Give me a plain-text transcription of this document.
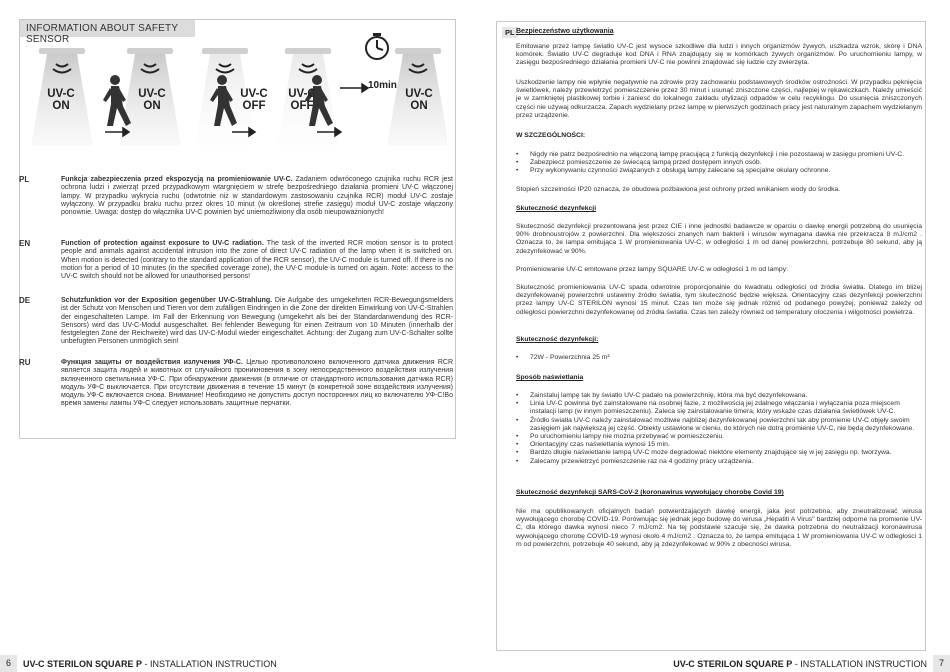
INFORMATION ABOUT SAFETY SENSOR
UV-C
ON
UV-C
ON
UV-C
OFF
UV-C
OFF
UV-C
ON
10min
PL	Funkcja zabezpieczenia przed ekspozycją na promieniowanie UV-C. Zadaniem odwróconego czujnika ruchu RCR jest ochrona ludzi i zwierząt przed przypadkowym wtargnięciem w strefę bezpośredniego działania promieni UV-C włączonej lampy. W przypadku wykrycia ruchu (odwrotnie niż w standardowym zastosowaniu czujnika RCR) moduł UV-C zostaje wyłączony. W przypadku braku ruchu przez okres 10 minut (w określonej strefie zasięgu) moduł UV-C zostaje włączony ponownie. Uwaga: dostęp do włącznika UV-C powinien być uniemożliwiony dla osób nieupoważnionych!
EN	Function of protection against exposure to UV-C radiation. The task of the inverted RCR motion sensor is to protect people and animals against accidental intrusion into the zone of direct UV-C radiation of the lamp when it is switched on. When motion is detected (contrary to the standard application of the RCR sensor), the UV-C module is turned off. If there is no motion for a period of 10 minutes (in the specified coverage zone), the UV-C module is turned on again. Note: access to the UV-C switch should not be allowed for unauthorised persons!
DE	Schutzfunktion vor der Exposition gegenüber UV-C-Strahlung. Die Aufgabe des umgekehrten RCR-Bewegungsmelders ist der Schutz von Menschen und Tieren vor dem zufälligen Eindringen in die Zone der direkten Einwirkung von UV-C-Strahlen der eingeschalteten Lampe. Im Fall der Erkennung von Bewegung (umgekehrt als bei der Standardanwendung des RCR-Sensors) wird das UV-C-Modul ausgeschaltet. Bei fehlender Bewegung für einen Zeitraum von 10 Minuten (innerhalb der festgelegten Zone der Reichweite) wird das UV-C-Modul wieder eingeschaltet. Achtung: der Zugang zum UV-C-Schalter sollte unbefugten Personen unmöglich sein!
RU	Функция защиты от воздействия излучения УФ-С. Целью противоположно включенного датчика движения RCR является защита людей и животных от случайного проникновения в зону непосредственного воздействия излучения включенного светильника УФ-С. При обнаружении движения (в отличие от стандартного использования датчика RCR) модуль УФ-С выключается. При отсутствии движения в течение 15 минут (в конкретной зоне воздействия излучения) модуль УФ-С включается снова. Внимание! Необходимо не допустить доступ посторонних лиц ко включателю УФ-С!Во время замены лампы УФ-С следует использовать защитные перчатки.
6	UV-C STERILON SQUARE P - INSTALLATION INSTRUCTION
PL Bezpieczeństwo użytkowania
Emitowane przez lampę światło UV-C jest wysoce szkodliwe dla ludzi i innych organizmów żywych, uszkadza wzrok, skórę i DNA komórek. Światło UV-C degraduje kod DNA i RNA znajdujący się w komórkach żywych organizmów. Po uruchomieniu lampy, w zasięgu bezpośredniego działania promieni UV-C nie powinni znajdować się ludzie czy zwierzęta.
Uszkodzenie lampy nie wpłynie negatywnie na zdrowie przy zachowaniu podstawowych środków ostrożności. W przypadku pęknięcia świetlówek, należy przewietrzyć pomieszczenie przez 30 minut i usunąć zniszczone części, najlepiej w rękawiczkach. Należy umieścić je w zamkniętej plastikowej torbie i zaniesć do lokalnego zakładu utylizacji odpadów w celu recyklingu. Do usunięcia zniszczonych części nie używaj odkurzacza. Zapach wydzielany przez lampę w pierwszych godzinach pracy jest naturalnym zapachem wydzielanym przez urządzenie.
W SZCZEGÓLNOŚCI:
• Nigdy nie patrz bezpośrednio na włączoną lampę pracującą z funkcją dezynfekcji i nie pozostawaj w zasięgu promieni UV-C.
• Zabezpiecz pomieszczenie ze świecącą lampą przed dostępem innych osób.
• Przy wykonywaniu czynności związanych z obsługą lampy zalecane są specjalne okulary ochronne.
Stopień szczelności IP20 oznacza, że obudowa pozbawiona jest ochrony przed wnikaniem wody do środka.
Skuteczność dezynfekcji
Skuteczność dezynfekcji prezentowana jest przez CIE i inne jednostki badawcze w oparciu o dawkę energii potrzebną do usunięcia 90% drobnoustrojów z powierzchni. Dla większości znanych nam bakterii i wirusów wymagana dawka nie przekracza 8 mJ/cm2 . Oznacza to, że lampa emitująca 1 W promieniowania UV-C, w odległości 1 m od danej powierzchni, potrzebuje 80 sekund, aby ją zdezynfekować w 90%.
Promieniowanie UV-C emitowane przez lampy SQUARE UV-C w odległości 1 m od lampy:
Skuteczność promieniowania UV-C spada odwrotnie proporcjonalnie do kwadratu odległości od źródła światła. Dlatego im bliżej dezynfekowanej powierzchni ustawimy źródło światła, tym skuteczność będzie większa. Orientacyjny czas dezynfekcji powierzchni przez lampy UV-C STERILON wynosi 15 minut. Czas ten może się jednak różnić od podanego powyżej, ponieważ zależy od odległości powierzchni dezynfekowanej od źródła światła. Czas ten zależy również od temperatury otoczenia i wilgotności powietrza.
Skuteczność dezynfekcji:
• 72W - Powierzchnia 25 m²
Sposób naświetlania
• Zainstaluj lampę tak by światło UV-C padało na powierzchnię, która ma być dezynfekowana.
• Linia UV-C powinna być zainstalowane na osobnej fazie, z możliwością jej zdalnego włączania i wyłączania poza miejscem instalacji lamp (w innym pomieszczeniu). Zaleca się zainstalowanie timera, który wskaże czas działania świetlówek UV-C.
• Źródło światła UV-C należy zainstalować możliwie najbliżej dezynfekowanej powierzchni tak aby promienie UV-C objęły swoim zasięgiem jak największą jej część. Obiekty ustawione w cieniu, do których nie dotrą promienie UV-C, nie będą dezynfekowane.
• Po uruchomieniu lampy nie można przebywać w pomieszczeniu.
• Orientacyjny czas naświetlania wynosi 15 min.
• Bardzo długie naświetlanie lampą UV-C może degradować niektóre elementy znajdujące się w jej zasięgu np. tworzywa.
• Zalecamy przewietrzyć pomieszczenie raz na 4 godziny pracy urządzenia.
Skuteczność dezynfekcji SARS-CoV-2 (koronawirus wywołujący chorobę Covid 19)
Nie ma opublikowanych oficjalnych badań potwierdzających dawkę energii, jaka jest potrzebna, aby zneutralizować wirusa wywołującego chorobę COVID-19. Porównując się jednak jego budowę do wirusa „Hepatiti A Virus" bardziej odporne na promienie UV-C, dla którego dawka wynosi nieco 7 mJ/cm2. Na tej podstawie szacuje się, że dawka potrzebna do neutralizacji koronawirusa wywołującego chorobę COVID-19 wynosi około 4 mJ/cm2 . Oznacza to, że lampa emitująca 1 W promieniowania UV-C w odległości 1 m od powierzchni, potrzebuje 40 sekund, aby ją zdezynfekować w 90% z obecności wirusa.
UV-C STERILON SQUARE P - INSTALLATION INSTRUCTION	7
